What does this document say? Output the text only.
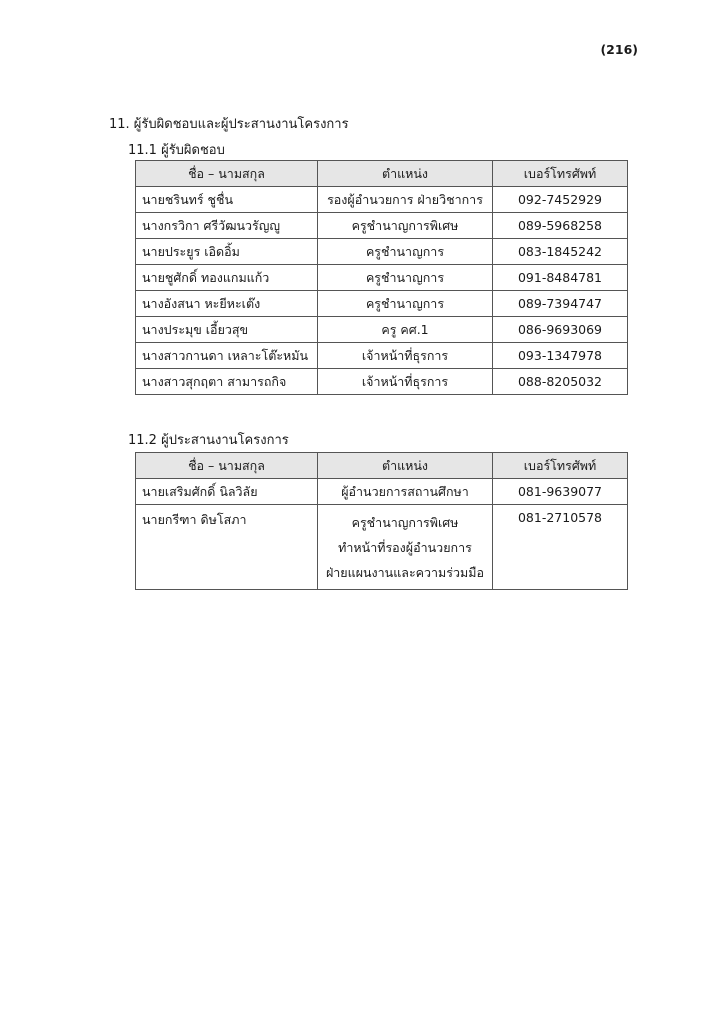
(216)
11. ผู้รับผิดชอบและผู้ประสานงานโครงการ
11.1 ผู้รับผิดชอบ
ชื่อ – นามสกุล	ตำแหน่ง	เบอร์โทรศัพท์
นายชรินทร์ ชูชื่น	รองผู้อำนวยการ ฝ่ายวิชาการ	092-7452929
นางกรวิกา ศรีวัฒนวรัญญู	ครูชำนาญการพิเศษ	089-5968258
นายประยูร เอิดอิ้ม	ครูชำนาญการ	083-1845242
นายชูศักดิ์ ทองแกมแก้ว	ครูชำนาญการ	091-8484781
นางอังสนา หะยีหะเต๊ง	ครูชำนาญการ	089-7394747
นางประมุข เอี้ยวสุข	ครู คศ.1	086-9693069
นางสาวกานดา เหลาะโต๊ะหมัน	เจ้าหน้าที่ธุรการ	093-1347978
นางสาวสุกฤตา สามารถกิจ	เจ้าหน้าที่ธุรการ	088-8205032
11.2 ผู้ประสานงานโครงการ
ชื่อ – นามสกุล	ตำแหน่ง	เบอร์โทรศัพท์
นายเสริมศักดิ์ นิลวิลัย	ผู้อำนวยการสถานศึกษา	081-9639077
นายกรีฑา ดิษโสภา	ครูชำนาญการพิเศษ
ทำหน้าที่รองผู้อำนวยการ
ฝ่ายแผนงานและความร่วมมือ	081-2710578
